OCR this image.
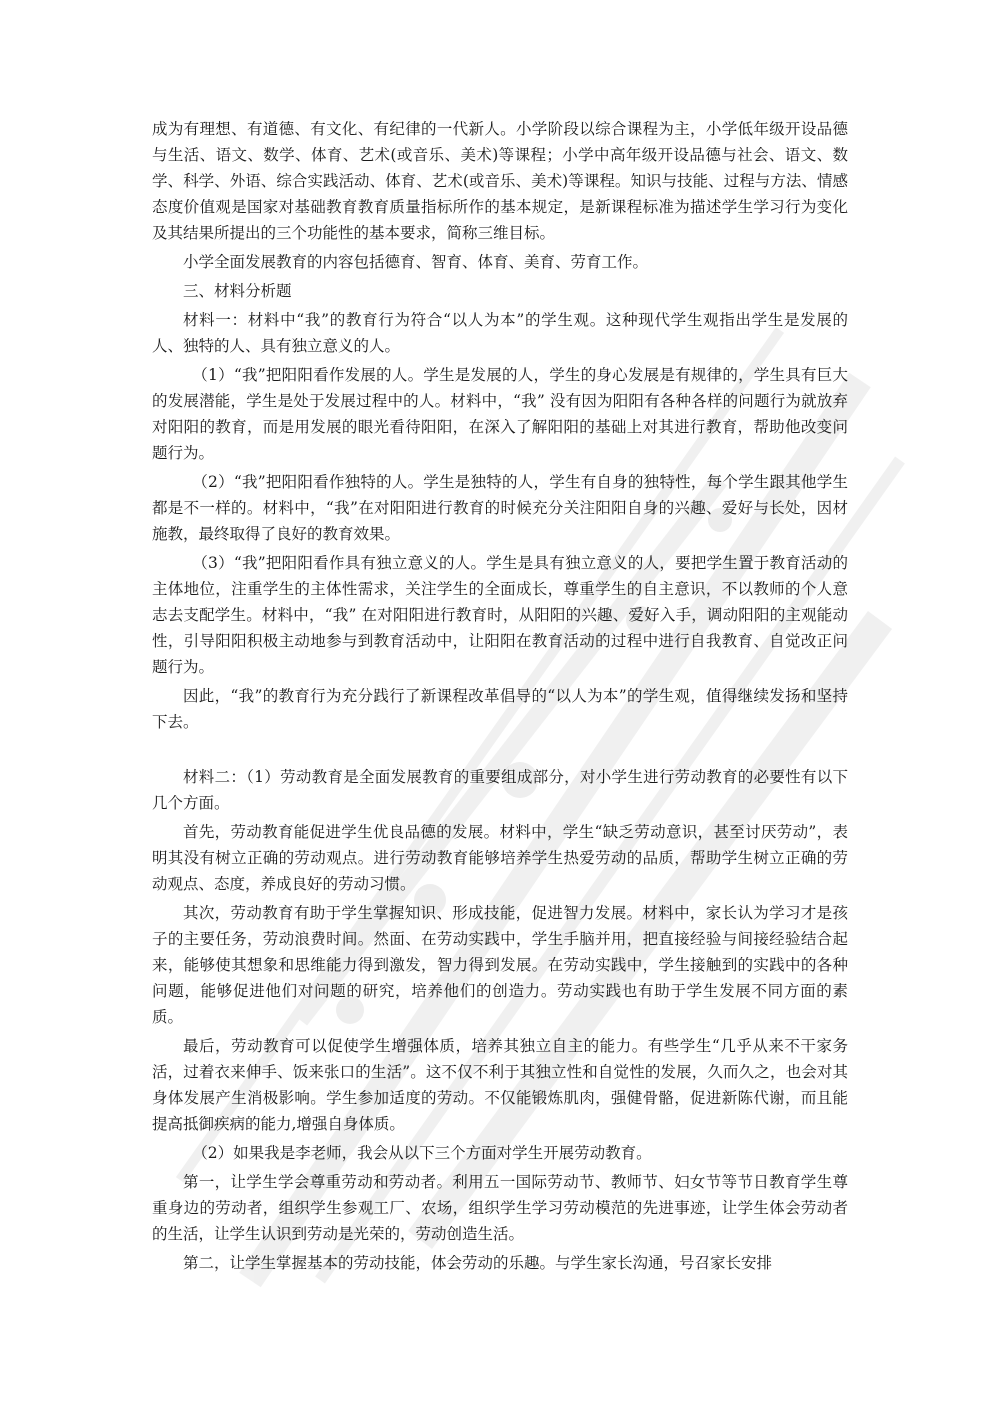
成为有理想、有道德、有文化、有纪律的一代新人。小学阶段以综合课程为主，小学低年级开设品德与生活、语文、数学、体育、艺术(或音乐、美术)等课程；小学中高年级开设品德与社会、语文、数学、科学、外语、综合实践活动、体育、艺术(或音乐、美术)等课程。知识与技能、过程与方法、情感态度价值观是国家对基础教育教育质量指标所作的基本规定，是新课程标准为描述学生学习行为变化及其结果所提出的三个功能性的基本要求，简称三维目标。

小学全面发展教育的内容包括德育、智育、体育、美育、劳育工作。

三、材料分析题

材料一：材料中“我”的教育行为符合“以人为本”的学生观。这种现代学生观指出学生是发展的人、独特的人、具有独立意义的人。

（1）“我”把阳阳看作发展的人。学生是发展的人，学生的身心发展是有规律的，学生具有巨大的发展潜能，学生是处于发展过程中的人。材料中，“我” 没有因为阳阳有各种各样的问题行为就放弃对阳阳的教育，而是用发展的眼光看待阳阳，在深入了解阳阳的基础上对其进行教育，帮助他改变问题行为。

（2）“我”把阳阳看作独特的人。学生是独特的人，学生有自身的独特性，每个学生跟其他学生都是不一样的。材料中，“我”在对阳阳进行教育的时候充分关注阳阳自身的兴趣、爱好与长处，因材施教，最终取得了良好的教育效果。

（3）“我”把阳阳看作具有独立意义的人。学生是具有独立意义的人，要把学生置于教育活动的主体地位，注重学生的主体性需求，关注学生的全面成长，尊重学生的自主意识，不以教师的个人意志去支配学生。材料中，“我” 在对阳阳进行教育时，从阳阳的兴趣、爱好入手，调动阳阳的主观能动性，引导阳阳积极主动地参与到教育活动中，让阳阳在教育活动的过程中进行自我教育、自觉改正问题行为。

因此，“我”的教育行为充分践行了新课程改革倡导的“以人为本”的学生观，值得继续发扬和坚持下去。

材料二：（1）劳动教育是全面发展教育的重要组成部分，对小学生进行劳动教育的必要性有以下几个方面。

首先，劳动教育能促进学生优良品德的发展。材料中，学生“缺乏劳动意识，甚至讨厌劳动”，表明其没有树立正确的劳动观点。进行劳动教育能够培养学生热爱劳动的品质，帮助学生树立正确的劳动观点、态度，养成良好的劳动习惯。

其次，劳动教育有助于学生掌握知识、形成技能，促进智力发展。材料中，家长认为学习才是孩子的主要任务，劳动浪费时间。然面、在劳动实践中，学生手脑并用，把直接经验与间接经验结合起来，能够使其想象和思维能力得到激发，智力得到发展。在劳动实践中，学生接触到的实践中的各种问题，能够促进他们对问题的研究，培养他们的创造力。劳动实践也有助于学生发展不同方面的素质。

最后，劳动教育可以促使学生增强体质，培养其独立自主的能力。有些学生“几乎从来不干家务活，过着衣来伸手、饭来张口的生活”。这不仅不利于其独立性和自觉性的发展，久而久之，也会对其身体发展产生消极影响。学生参加适度的劳动。不仅能锻炼肌肉，强健骨骼，促进新陈代谢，而且能提高抵御疾病的能力,增强自身体质。

（2）如果我是李老师，我会从以下三个方面对学生开展劳动教育。

第一，让学生学会尊重劳动和劳动者。利用五一国际劳动节、教师节、妇女节等节日教育学生尊重身边的劳动者，组织学生参观工厂、农场，组织学生学习劳动模范的先进事迹，让学生体会劳动者的生活，让学生认识到劳动是光荣的，劳动创造生活。

第二，让学生掌握基本的劳动技能，体会劳动的乐趣。与学生家长沟通，号召家长安排
